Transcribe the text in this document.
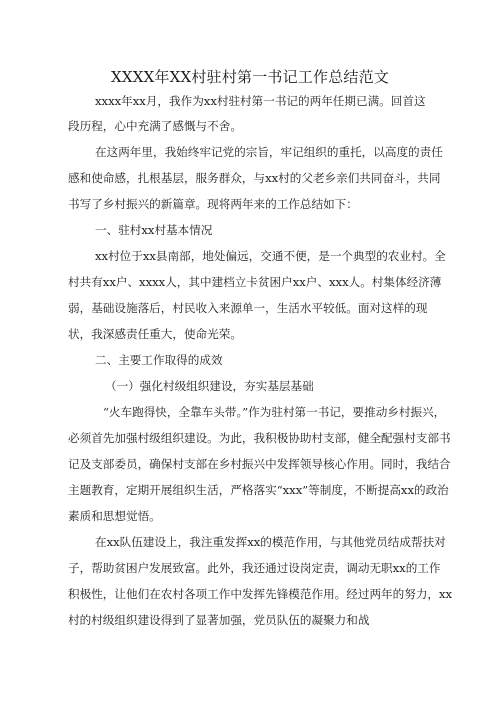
XXXX年XX村驻村第一书记工作总结范文
xxxx年xx月，我作为xx村驻村第一书记的两年任期已满。回首这
段历程，心中充满了感慨与不舍。
在这两年里，我始终牢记党的宗旨，牢记组织的重托，以高度的责任
感和使命感，扎根基层，服务群众，与xx村的父老乡亲们共同奋斗，共同
书写了乡村振兴的新篇章。现将两年来的工作总结如下：
一、驻村xx村基本情况
xx村位于xx县南部，地处偏远，交通不便，是一个典型的农业村。全
村共有xx户、xxxx人，其中建档立卡贫困户xx户、xxx人。村集体经济薄
弱，基础设施落后，村民收入来源单一，生活水平较低。面对这样的现
状，我深感责任重大，使命光荣。
二、主要工作取得的成效
（一）强化村级组织建设，夯实基层基础
“火车跑得快，全靠车头带。”作为驻村第一书记，要推动乡村振兴，
必须首先加强村级组织建设。为此，我积极协助村支部，健全配强村支部书
记及支部委员，确保村支部在乡村振兴中发挥领导核心作用。同时，我结合
主题教育，定期开展组织生活，严格落实“xxx”等制度，不断提高xx的政治
素质和思想觉悟。
在xx队伍建设上，我注重发挥xx的模范作用，与其他党员结成帮扶对
子，帮助贫困户发展致富。此外，我还通过设岗定责，调动无职xx的工作
积极性，让他们在农村各项工作中发挥先锋模范作用。经过两年的努力，xx
村的村级组织建设得到了显著加强，党员队伍的凝聚力和战
